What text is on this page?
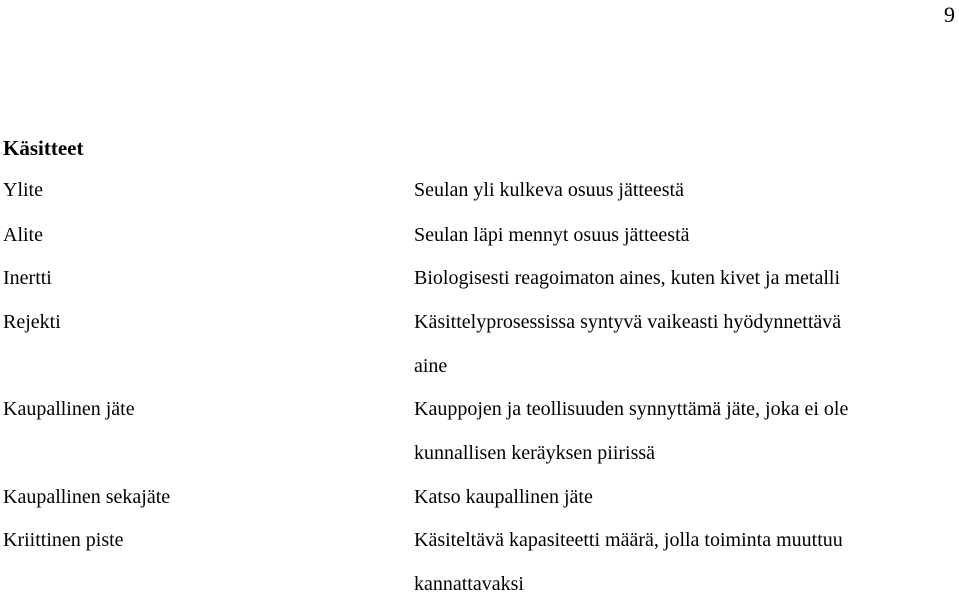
9
Käsitteet
Ylite	Seulan yli kulkeva osuus jätteestä
Alite	Seulan läpi mennyt osuus jätteestä
Inertti	Biologisesti reagoimaton aines, kuten kivet ja metalli
Rejekti	Käsittelyprosessissa syntyvä vaikeasti hyödynnettävä
aine
Kaupallinen jäte	Kauppojen ja teollisuuden synnyttämä jäte, joka ei ole
kunnallisen keräyksen piirissä
Kaupallinen sekajäte	Katso kaupallinen jäte
Kriittinen piste	Käsiteltävä kapasiteetti määrä, jolla toiminta muuttuu
kannattavaksi
